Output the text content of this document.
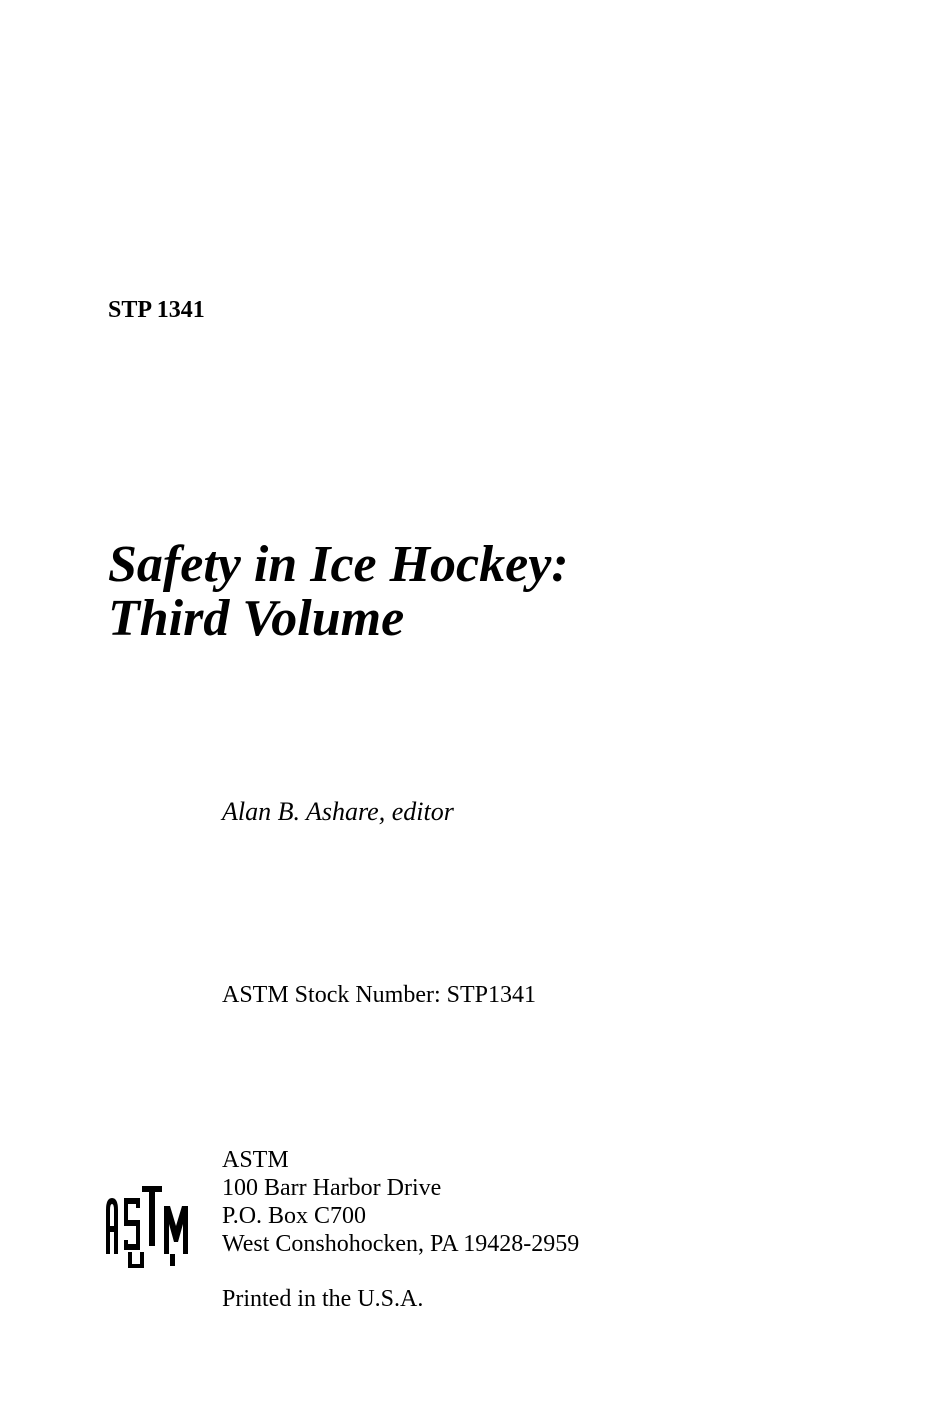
STP 1341
Safety in Ice Hockey:
Third Volume
Alan B. Ashare, editor
ASTM Stock Number: STP1341
ASTM
100 Barr Harbor Drive
P.O. Box C700
West Conshohocken, PA 19428-2959
Printed in the U.S.A.
